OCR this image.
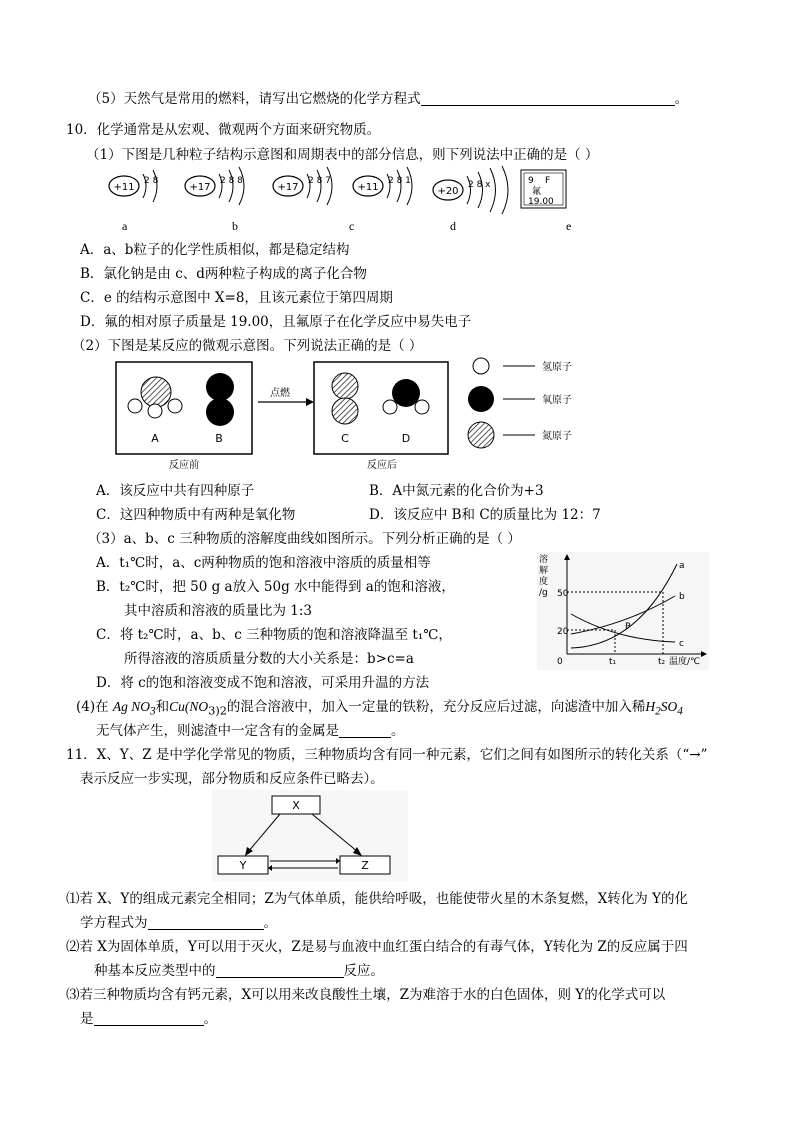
（5）天然气是常用的燃料，请写出它燃烧的化学方程式	。
10．化学通常是从宏观、微观两个方面来研究物质。
（1）下图是几种粒子结构示意图和周期表中的部分信息，则下列说法中正确的是（ ）
+11
2 8
+17
2 8 8
+17
2 8 7
+11
2 8 1
+20
2 8 x	9 F
氟
19.00
a	b	c	d	e
A．a、b粒子的化学性质相似，都是稳定结构
B．氯化钠是由 c、d两种粒子构成的离子化合物
C．e 的结构示意图中 X=8，且该元素位于第四周期
D．氟的相对原子质量是 19.00，且氟原子在化学反应中易失电子
（2）下图是某反应的微观示意图。下列说法正确的是（ ）
A	B
点燃
C	D
反应前	反应后
氢原子
氧原子
氮原子
A．该反应中共有四种原子	B．A中氮元素的化合价为+3
C．这四种物质中有两种是氧化物	D．该反应中 B和 C的质量比为 12：7
（3）a、b、c 三种物质的溶解度曲线如图所示。下列分析正确的是（ ）
A．t₁℃时，a、c两种物质的饱和溶液中溶质的质量相等
B．t₂℃时，把 50 g a放入 50g 水中能得到 a的饱和溶液，
其中溶质和溶液的质量比为 1:3
C．将 t₂℃时，a、b、c 三种物质的饱和溶液降温至 t₁℃，
所得溶液的溶质质量分数的大小关系是：b>c=a
D．将 c的饱和溶液变成不饱和溶液，可采用升温的方法
溶
解
度
/g 50
20
0	t₁	t₂ 温度/℃
a
b
c
P
(4)在 Ag $NO_3$和$Cu(NO_{3)2}$的混合溶液中，加入一定量的铁粉，充分反应后过滤，向滤渣中加入稀$H_2SO_4$
无气体产生，则滤渣中一定含有的金属是	。
11．X、Y、Z 是中学化学常见的物质，三种物质均含有同一种元素，它们之间有如图所示的转化关系（“→”
表示反应一步实现，部分物质和反应条件已略去）。
X
Y	Z
⑴若 X、Y的组成元素完全相同；Z为气体单质，能供给呼吸，也能使带火星的木条复燃，X转化为 Y的化
学方程式为	。
⑵若 X为固体单质，Y可以用于灭火，Z是易与血液中血红蛋白结合的有毒气体，Y转化为 Z的反应属于四
种基本反应类型中的	反应。
⑶若三种物质均含有钙元素，X可以用来改良酸性土壤，Z为难溶于水的白色固体，则 Y的化学式可以
是	。
